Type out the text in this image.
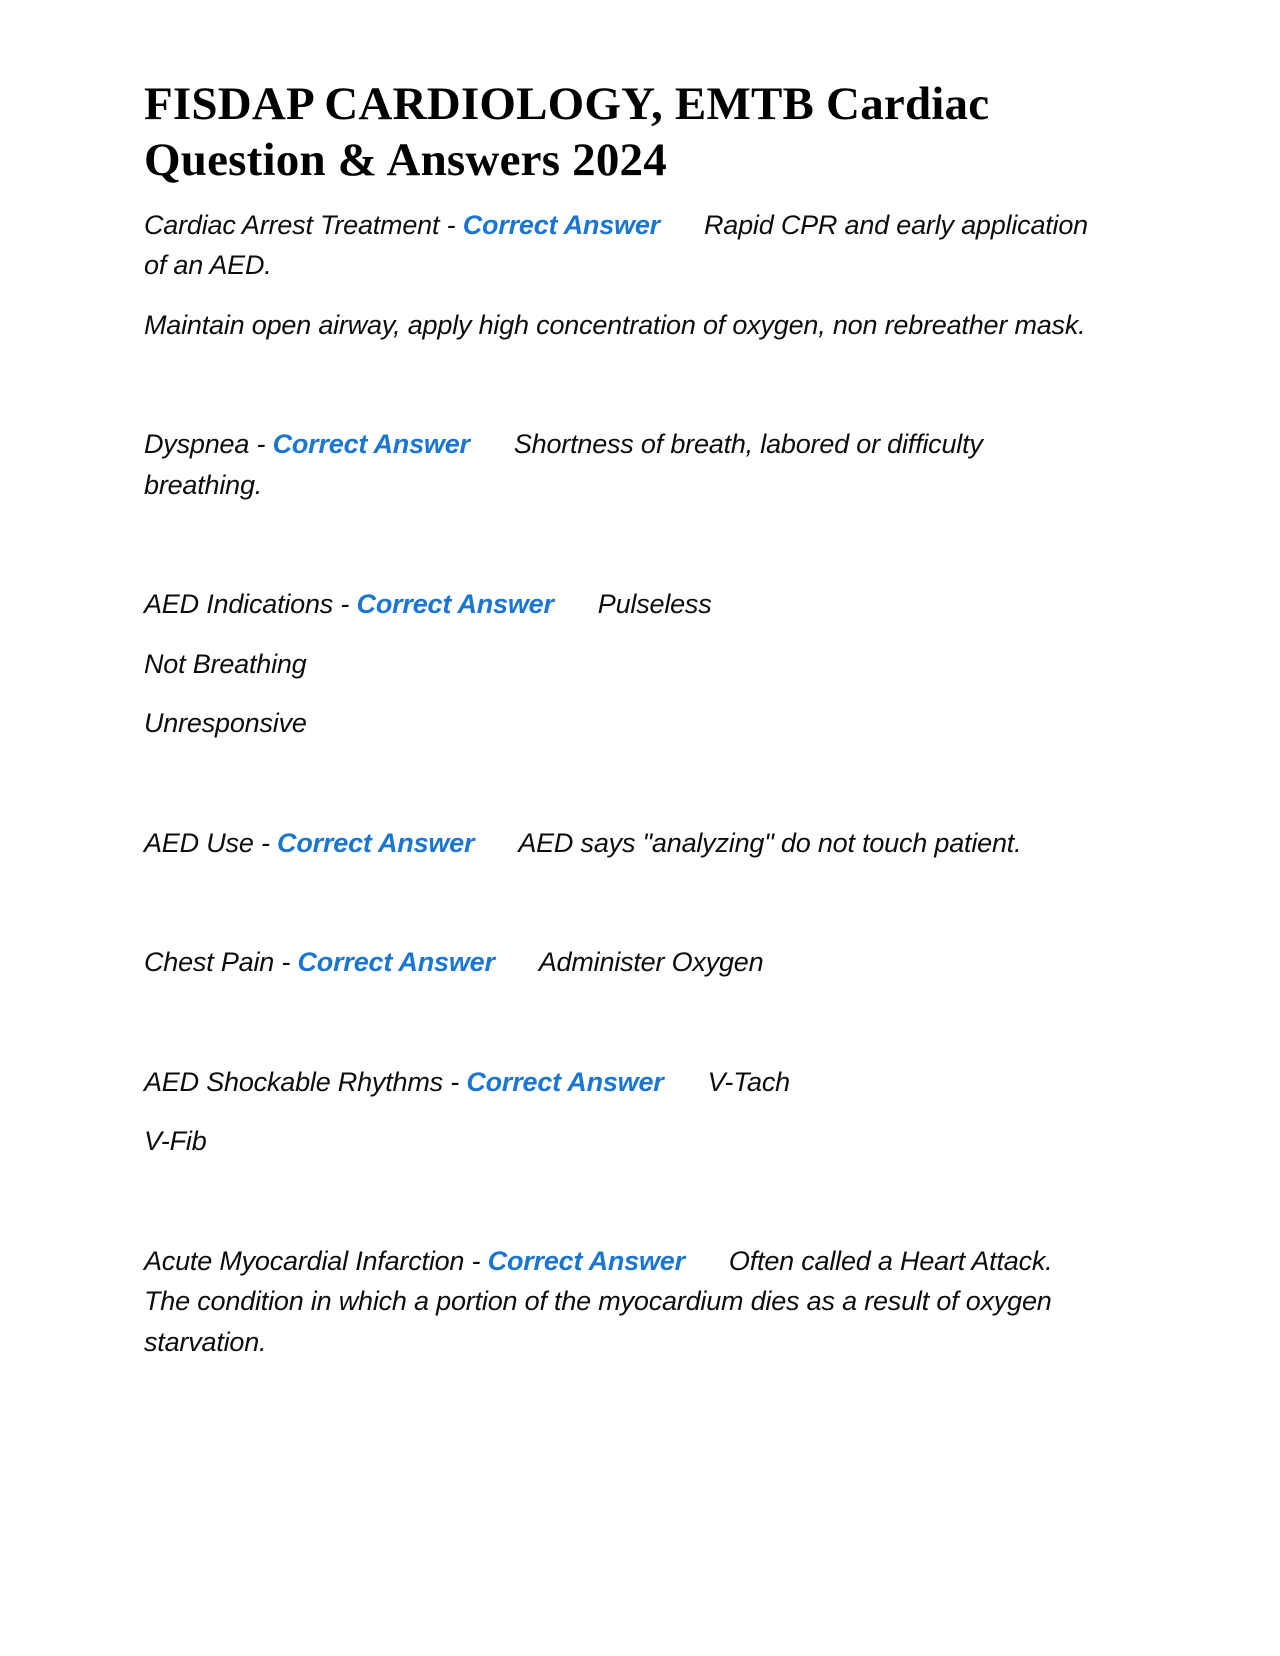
FISDAP CARDIOLOGY, EMTB Cardiac
Question & Answers 2024

Cardiac Arrest Treatment - Correct Answer Rapid CPR and early application of an AED.

Maintain open airway, apply high concentration of oxygen, non rebreather mask.

Dyspnea - Correct Answer Shortness of breath, labored or difficulty breathing.

AED Indications - Correct Answer Pulseless

Not Breathing

Unresponsive

AED Use - Correct Answer AED says "analyzing" do not touch patient.

Chest Pain - Correct Answer Administer Oxygen

AED Shockable Rhythms - Correct Answer V-Tach

V-Fib

Acute Myocardial Infarction - Correct Answer Often called a Heart Attack. The condition in which a portion of the myocardium dies as a result of oxygen starvation.
